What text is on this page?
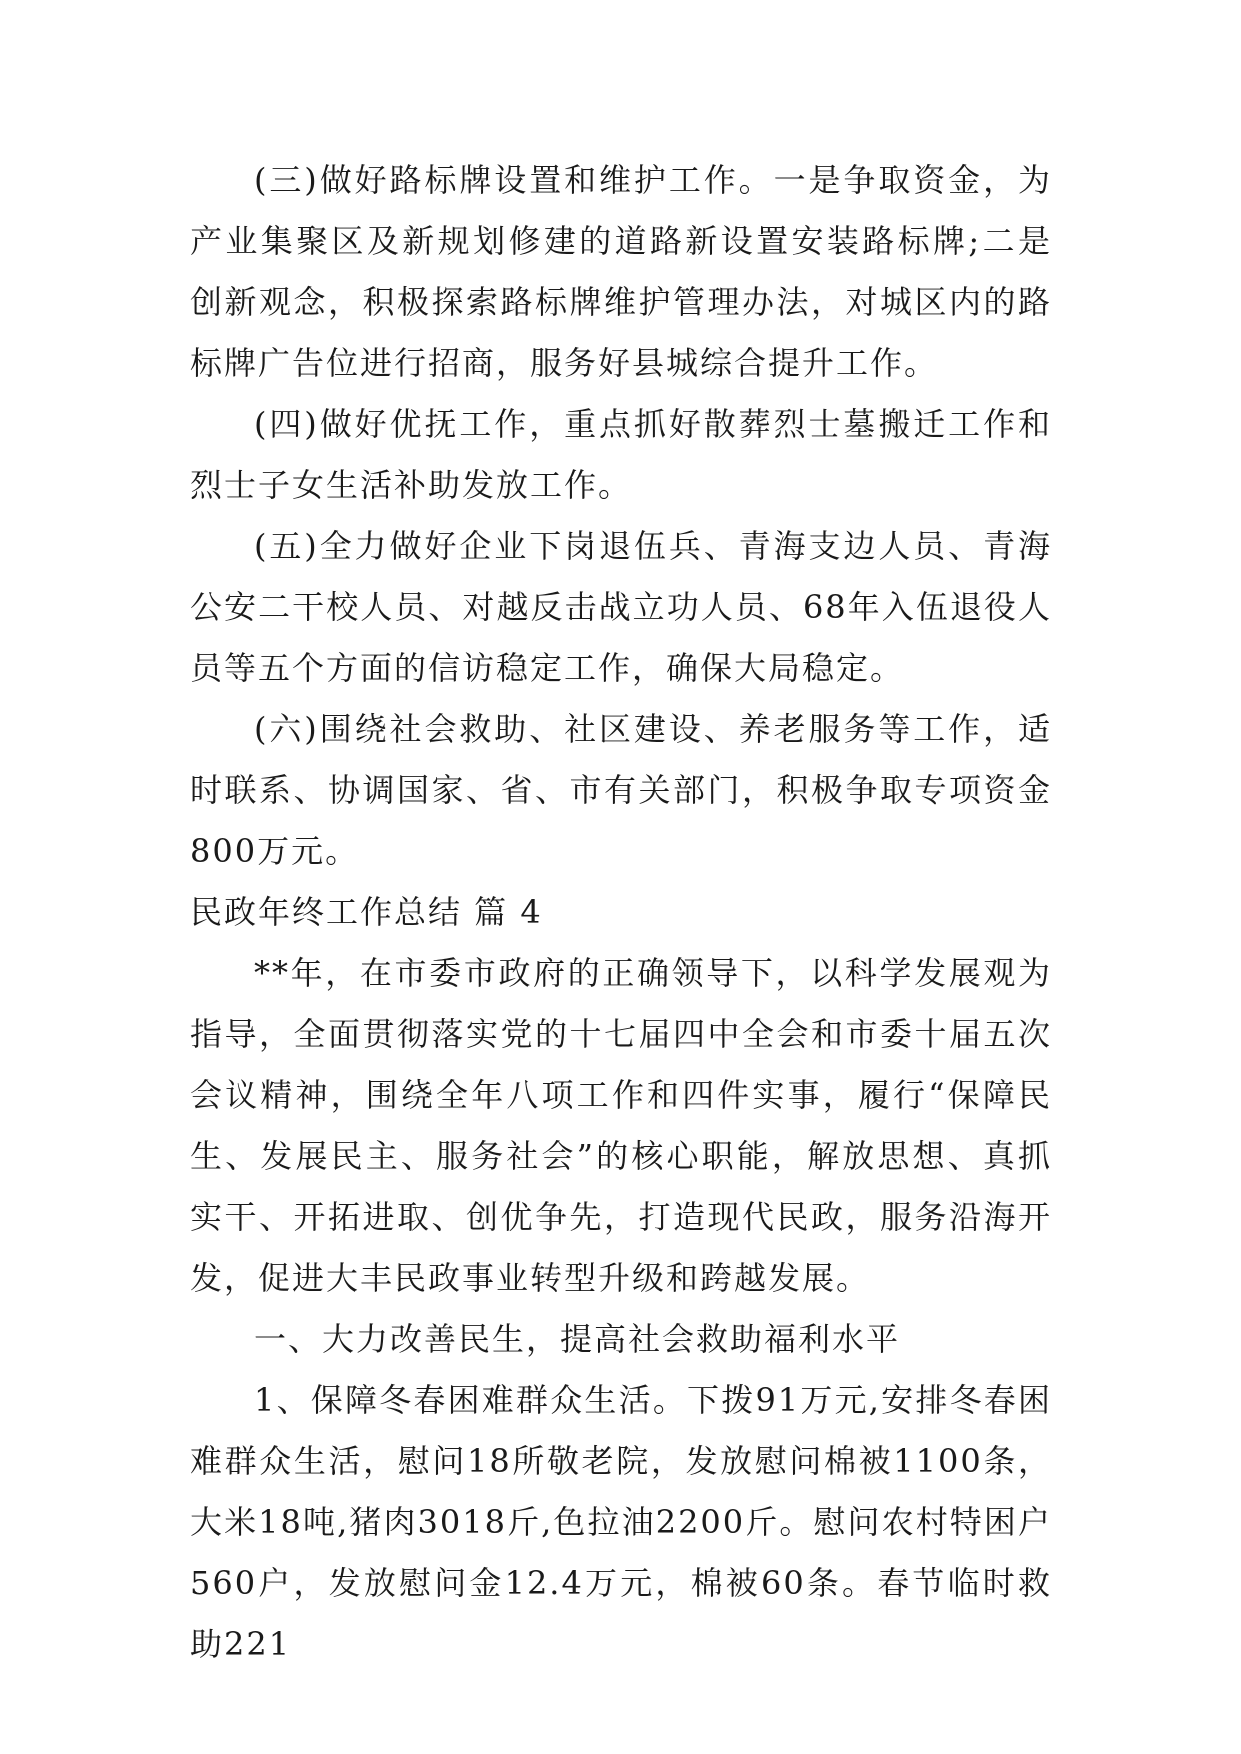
(三)做好路标牌设置和维护工作。一是争取资金，为产业集聚区及新规划修建的道路新设置安装路标牌;二是创新观念，积极探索路标牌维护管理办法，对城区内的路标牌广告位进行招商，服务好县城综合提升工作。

(四)做好优抚工作，重点抓好散葬烈士墓搬迁工作和烈士子女生活补助发放工作。

(五)全力做好企业下岗退伍兵、青海支边人员、青海公安二干校人员、对越反击战立功人员、68年入伍退役人员等五个方面的信访稳定工作，确保大局稳定。

(六)围绕社会救助、社区建设、养老服务等工作，适时联系、协调国家、省、市有关部门，积极争取专项资金800万元。

民政年终工作总结 篇 4

**年，在市委市政府的正确领导下，以科学发展观为指导，全面贯彻落实党的十七届四中全会和市委十届五次会议精神，围绕全年八项工作和四件实事，履行“保障民生、发展民主、服务社会”的核心职能，解放思想、真抓实干、开拓进取、创优争先，打造现代民政，服务沿海开发，促进大丰民政事业转型升级和跨越发展。

一、大力改善民生，提高社会救助福利水平

1、保障冬春困难群众生活。下拨91万元,安排冬春困难群众生活，慰问18所敬老院，发放慰问棉被1100条，大米18吨,猪肉3018斤,色拉油2200斤。慰问农村特困户560户，发放慰问金12.4万元，棉被60条。春节临时救助221
